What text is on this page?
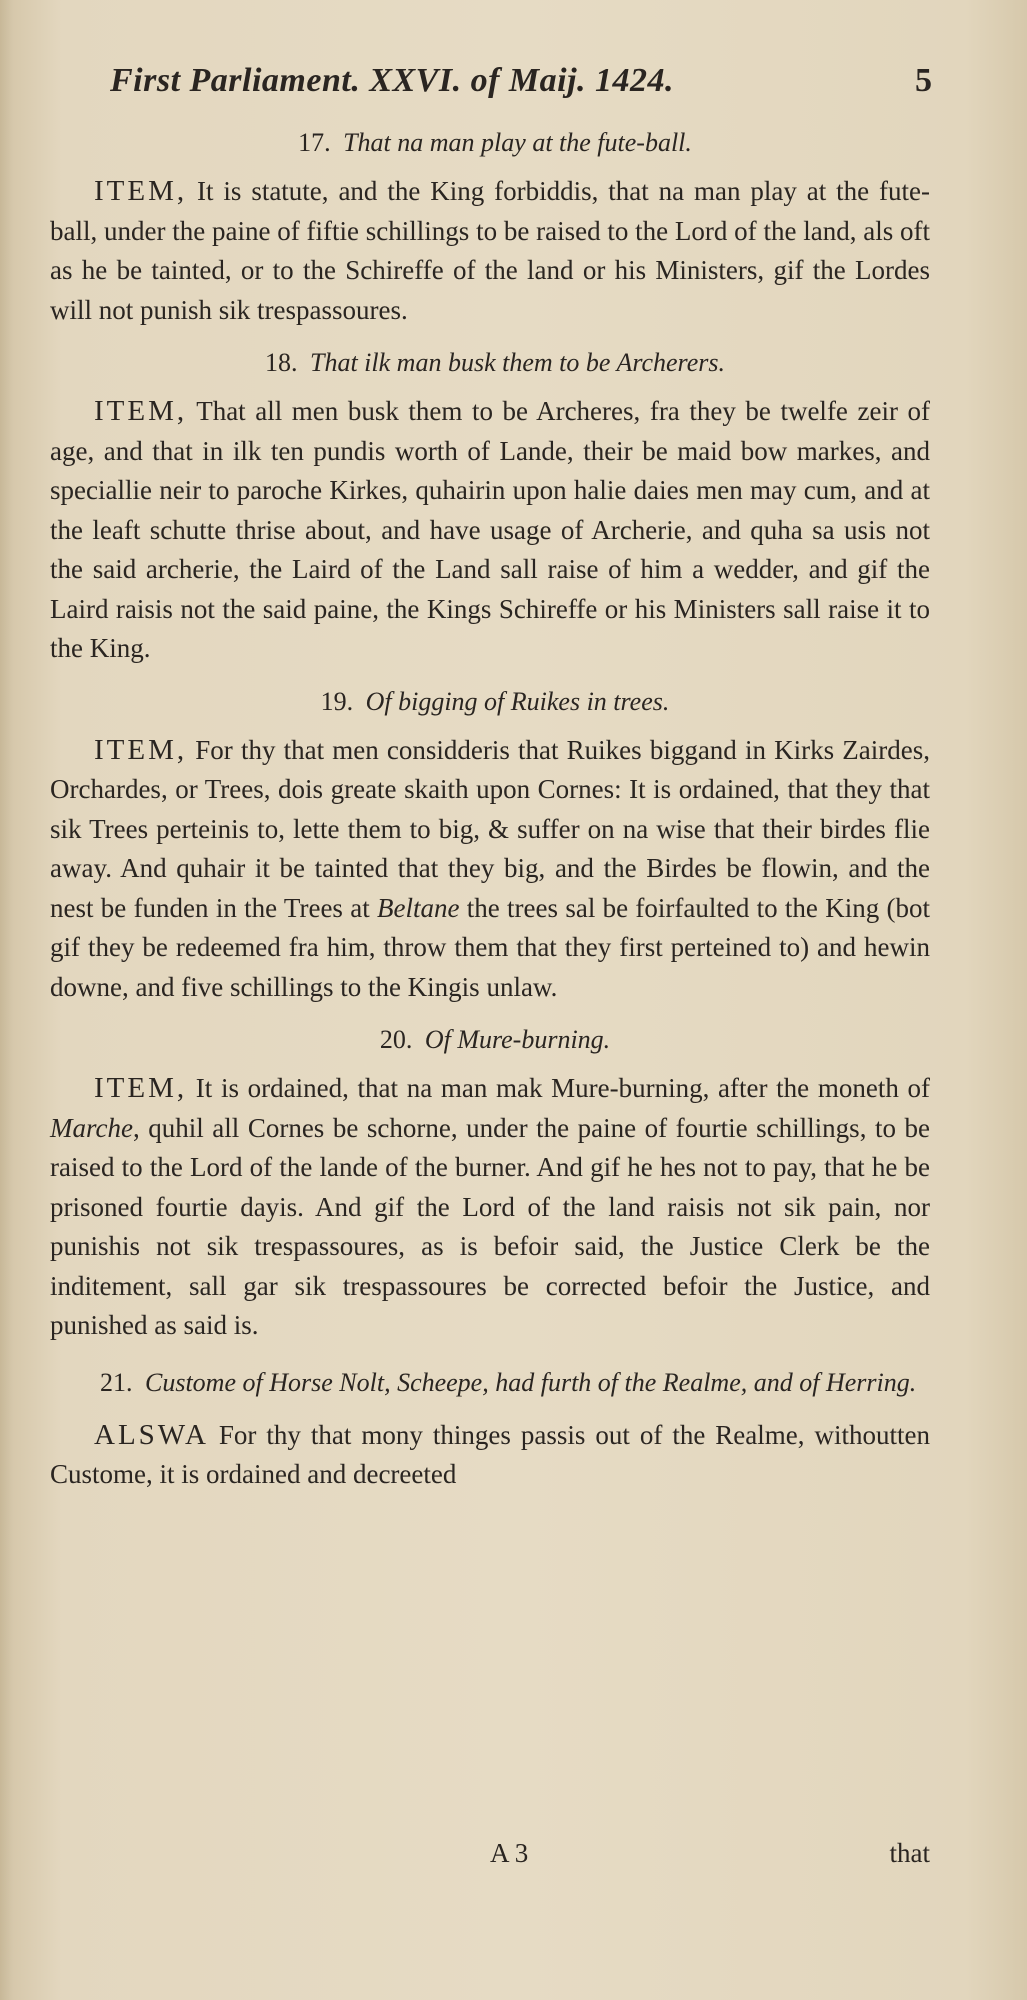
First Parliament. XXVI. of Maij. 1424.	5
17. That na man play at the fute-ball.

ITEM, It is statute, and the King forbiddis, that na man play at the fute-ball, under the paine of fiftie schillings to be raised to the Lord of the land, als oft as he be tainted, or to the Schireffe of the land or his Ministers, gif the Lordes will not punish sik trespassoures.

18. That ilk man busk them to be Archerers.

ITEM, That all men busk them to be Archeres, fra they be twelfe zeir of age, and that in ilk ten pundis worth of Lande, their be maid bow markes, and speciallie neir to paroche Kirkes, quhairin upon halie daies men may cum, and at the leaft schutte thrise about, and have usage of Archerie, and quha sa usis not the said archerie, the Laird of the Land sall raise of him a wedder, and gif the Laird raisis not the said paine, the Kings Schireffe or his Ministers sall raise it to the King.

19. Of bigging of Ruikes in trees.

ITEM, For thy that men considderis that Ruikes biggand in Kirks Zairdes, Orchardes, or Trees, dois greate skaith upon Cornes: It is ordained, that they that sik Trees perteinis to, lette them to big, & suffer on na wise that their birdes flie away. And quhair it be tainted that they big, and the Birdes be flowin, and the nest be funden in the Trees at Beltane the trees sal be foirfaulted to the King (bot gif they be redeemed fra him, throw them that they first perteined to) and hewin downe, and five schillings to the Kingis unlaw.

20. Of Mure-burning.

ITEM, It is ordained, that na man mak Mure-burning, after the moneth of Marche, quhil all Cornes be schorne, under the paine of fourtie schillings, to be raised to the Lord of the lande of the burner. And gif he hes not to pay, that he be prisoned fourtie dayis. And gif the Lord of the land raisis not sik pain, nor punishis not sik trespassoures, as is befoir said, the Justice Clerk be the inditement, sall gar sik trespassoures be corrected befoir the Justice, and punished as said is.

21. Custome of Horse Nolt, Scheepe, had furth of the Realme, and of Herring.

ALSWA For thy that mony thinges passis out of the Realme, withoutten Custome, it is ordained and decreeted

A 3	that
